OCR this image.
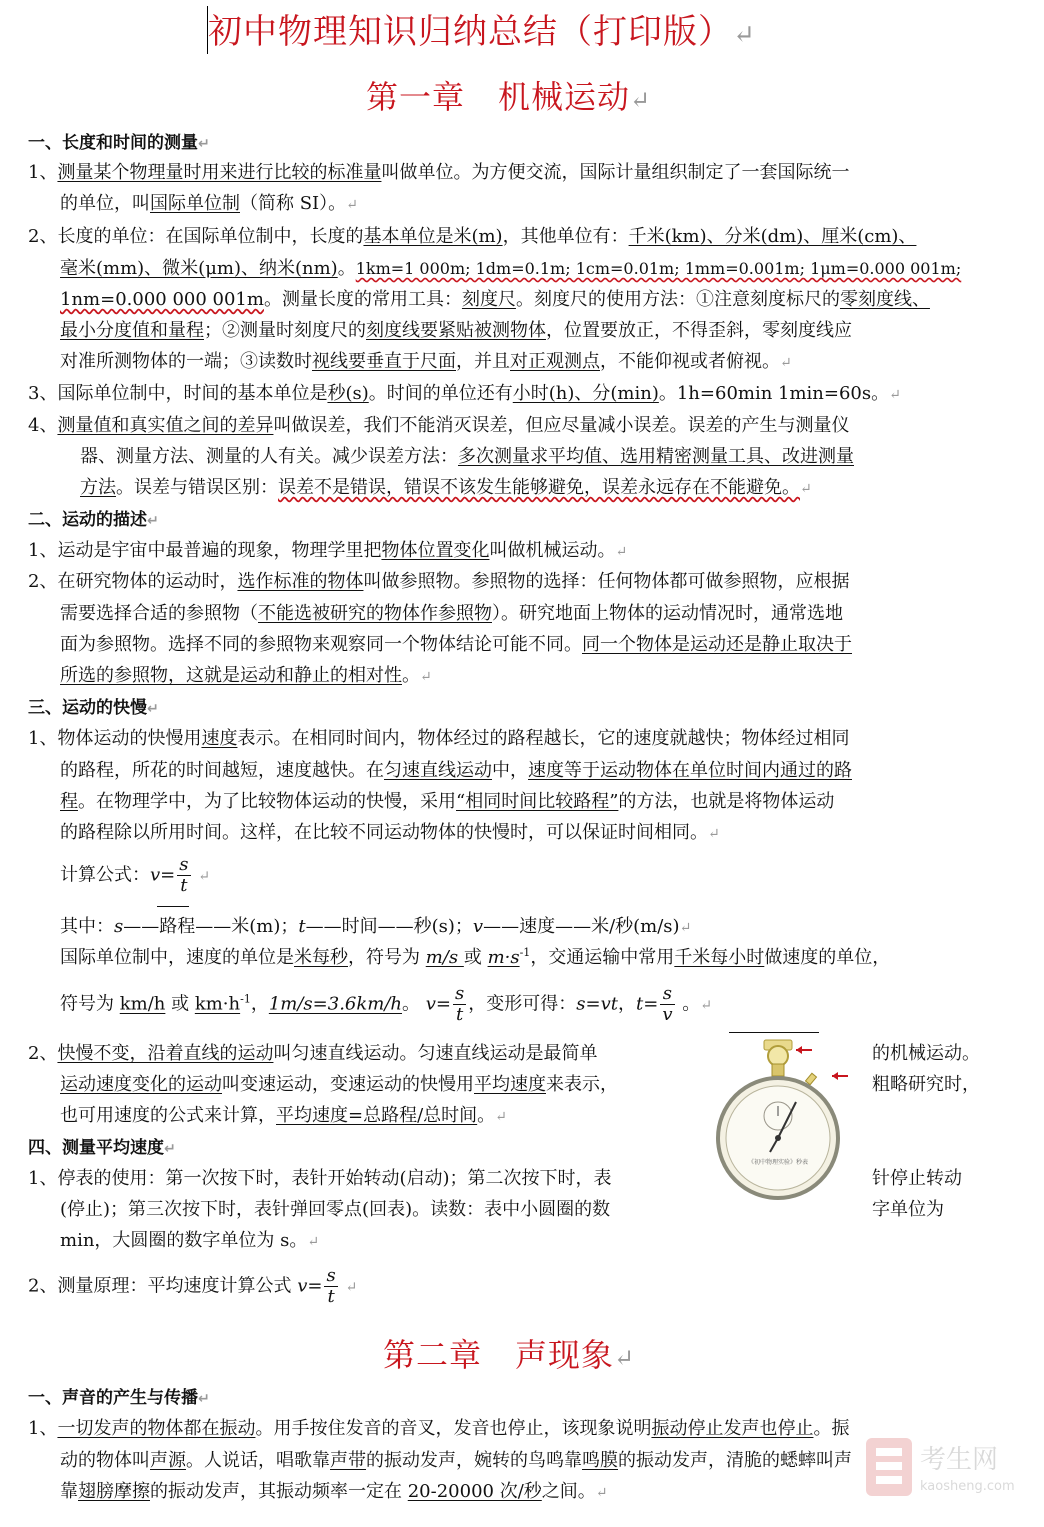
初中物理知识归纳总结（打印版）↵
第一章　机械运动↵
一、长度和时间的测量↵
1、测量某个物理量时用来进行比较的标准量叫做单位。为方便交流，国际计量组织制定了一套国际统一
的单位，叫国际单位制（简称 SI）。↵
2、长度的单位：在国际单位制中，长度的基本单位是米(m)，其他单位有：千米(km)、分米(dm)、厘米(cm)、
毫米(mm)、微米(μm)、纳米(nm)。1km=1 000m; 1dm=0.1m; 1cm=0.01m; 1mm=0.001m; 1μm=0.000 001m;
1nm=0.000 000 001m。测量长度的常用工具：刻度尺。刻度尺的使用方法：①注意刻度标尺的零刻度线、
最小分度值和量程；②测量时刻度尺的刻度线要紧贴被测物体，位置要放正，不得歪斜，零刻度线应
对准所测物体的一端；③读数时视线要垂直于尺面，并且对正观测点，不能仰视或者俯视。↵
3、国际单位制中，时间的基本单位是秒(s)。时间的单位还有小时(h)、分(min)。1h=60min 1min=60s。↵
4、测量值和真实值之间的差异叫做误差，我们不能消灭误差，但应尽量减小误差。误差的产生与测量仪
器、测量方法、测量的人有关。减少误差方法：多次测量求平均值、选用精密测量工具、改进测量
方法。误差与错误区别：误差不是错误，错误不该发生能够避免，误差永远存在不能避免。↵
二、运动的描述↵
1、运动是宇宙中最普遍的现象，物理学里把物体位置变化叫做机械运动。↵
2、在研究物体的运动时，选作标准的物体叫做参照物。参照物的选择：任何物体都可做参照物，应根据
需要选择合适的参照物（不能选被研究的物体作参照物）。研究地面上物体的运动情况时，通常选地
面为参照物。选择不同的参照物来观察同一个物体结论可能不同。同一个物体是运动还是静止取决于
所选的参照物，这就是运动和静止的相对性。↵
三、运动的快慢↵
1、物体运动的快慢用速度表示。在相同时间内，物体经过的路程越长，它的速度就越快；物体经过相同
的路程，所花的时间越短，速度越快。在匀速直线运动中，速度等于运动物体在单位时间内通过的路
程。在物理学中，为了比较物体运动的快慢，采用“相同时间比较路程”的方法，也就是将物体运动
的路程除以所用时间。这样，在比较不同运动物体的快慢时，可以保证时间相同。↵
计算公式：$v= \frac{s}{t}$ ↵
其中：s——路程——米(m)；t——时间——秒(s)；v——速度——米/秒(m/s)↵
国际单位制中，速度的单位是米每秒，符号为 m/s 或 $m\cdot s^{-1}$，交通运输中常用千米每小时做速度的单位，
符号为 km/h 或 $km\cdot h^{-1}$，1m/s=3.6km/h。 $v= \frac{s}{t}$ ，变形可得：s=vt，$t= \frac{s}{v}$ 。↵
2、快慢不变，沿着直线的运动叫匀速直线运动。匀速直线运动是最简单	的机械运动。
运动速度变化的运动叫变速运动，变速运动的快慢用平均速度来表示，	粗略研究时，
也可用速度的公式来计算，平均速度=总路程/总时间。↵
四、测量平均速度↵
1、停表的使用：第一次按下时，表针开始转动(启动)；第二次按下时，表	针停止转动
(停止)；第三次按下时，表针弹回零点(回表)。读数：表中小圆圈的数	字单位为
min，大圆圈的数字单位为 s。↵
2、测量原理：平均速度计算公式 $v= \frac{s}{t}$ ↵
《初中物理实验》秒表
第二章　声现象↵
一、声音的产生与传播↵
1、一切发声的物体都在振动。用手按住发音的音叉，发音也停止，该现象说明振动停止发声也停止。振
动的物体叫声源。人说话，唱歌靠声带的振动发声，婉转的鸟鸣靠鸣膜的振动发声，清脆的蟋蟀叫声
靠翅膀摩擦的振动发声，其振动频率一定在 20-20000 次/秒之间。↵
考生网
kaosheng.com
